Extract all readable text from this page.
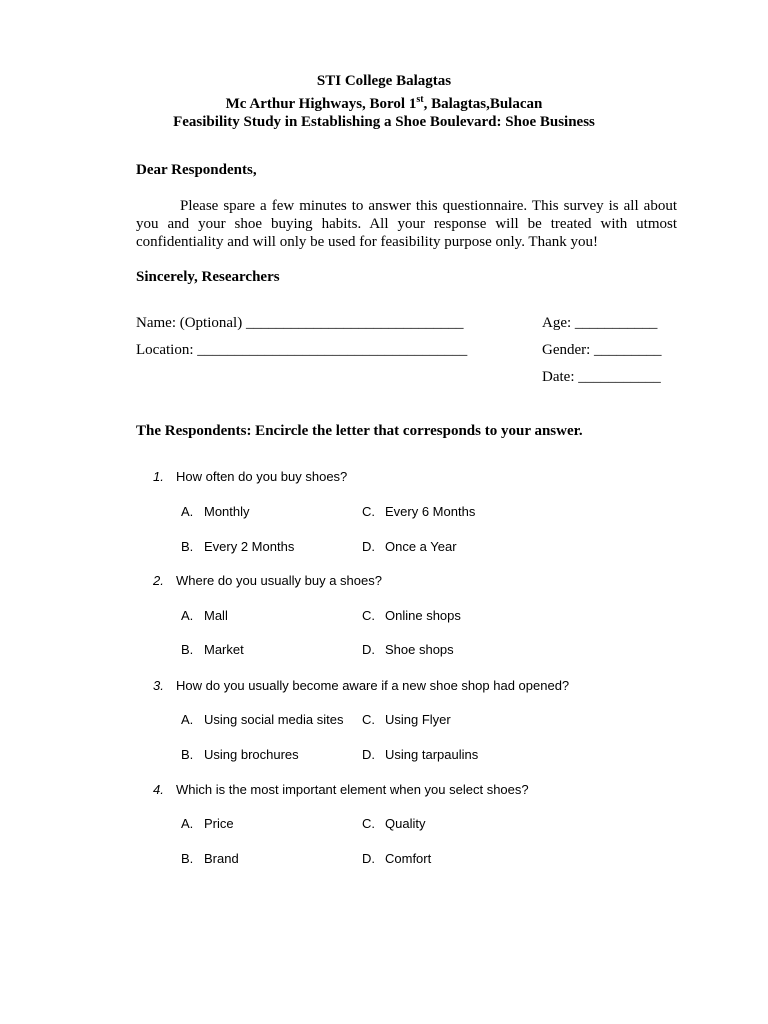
STI College Balagtas
Mc Arthur Highways, Borol 1st, Balagtas,Bulacan
Feasibility Study in Establishing a Shoe Boulevard: Shoe Business
Dear Respondents,

Please spare a few minutes to answer this questionnaire. This survey is all about you and your shoe buying habits. All your response will be treated with utmost confidentiality and will only be used for feasibility purpose only. Thank you!

Sincerely, Researchers
Name: (Optional) _____________________________
Location: ____________________________________
Age: ___________
Gender: _________
Date: ___________
The Respondents: Encircle the letter that corresponds to your answer.
1. How often do you buy shoes?
A. Monthly
B. Every 2 Months
C. Every 6 Months
D. Once a Year
2. Where do you usually buy a shoes?
A. Mall
B. Market
C. Online shops
D. Shoe shops
3. How do you usually become aware if a new shoe shop had opened?
A. Using social media sites
B. Using brochures
C. Using Flyer
D. Using tarpaulins
4. Which is the most important element when you select shoes?
A. Price
B. Brand
C. Quality
D. Comfort
